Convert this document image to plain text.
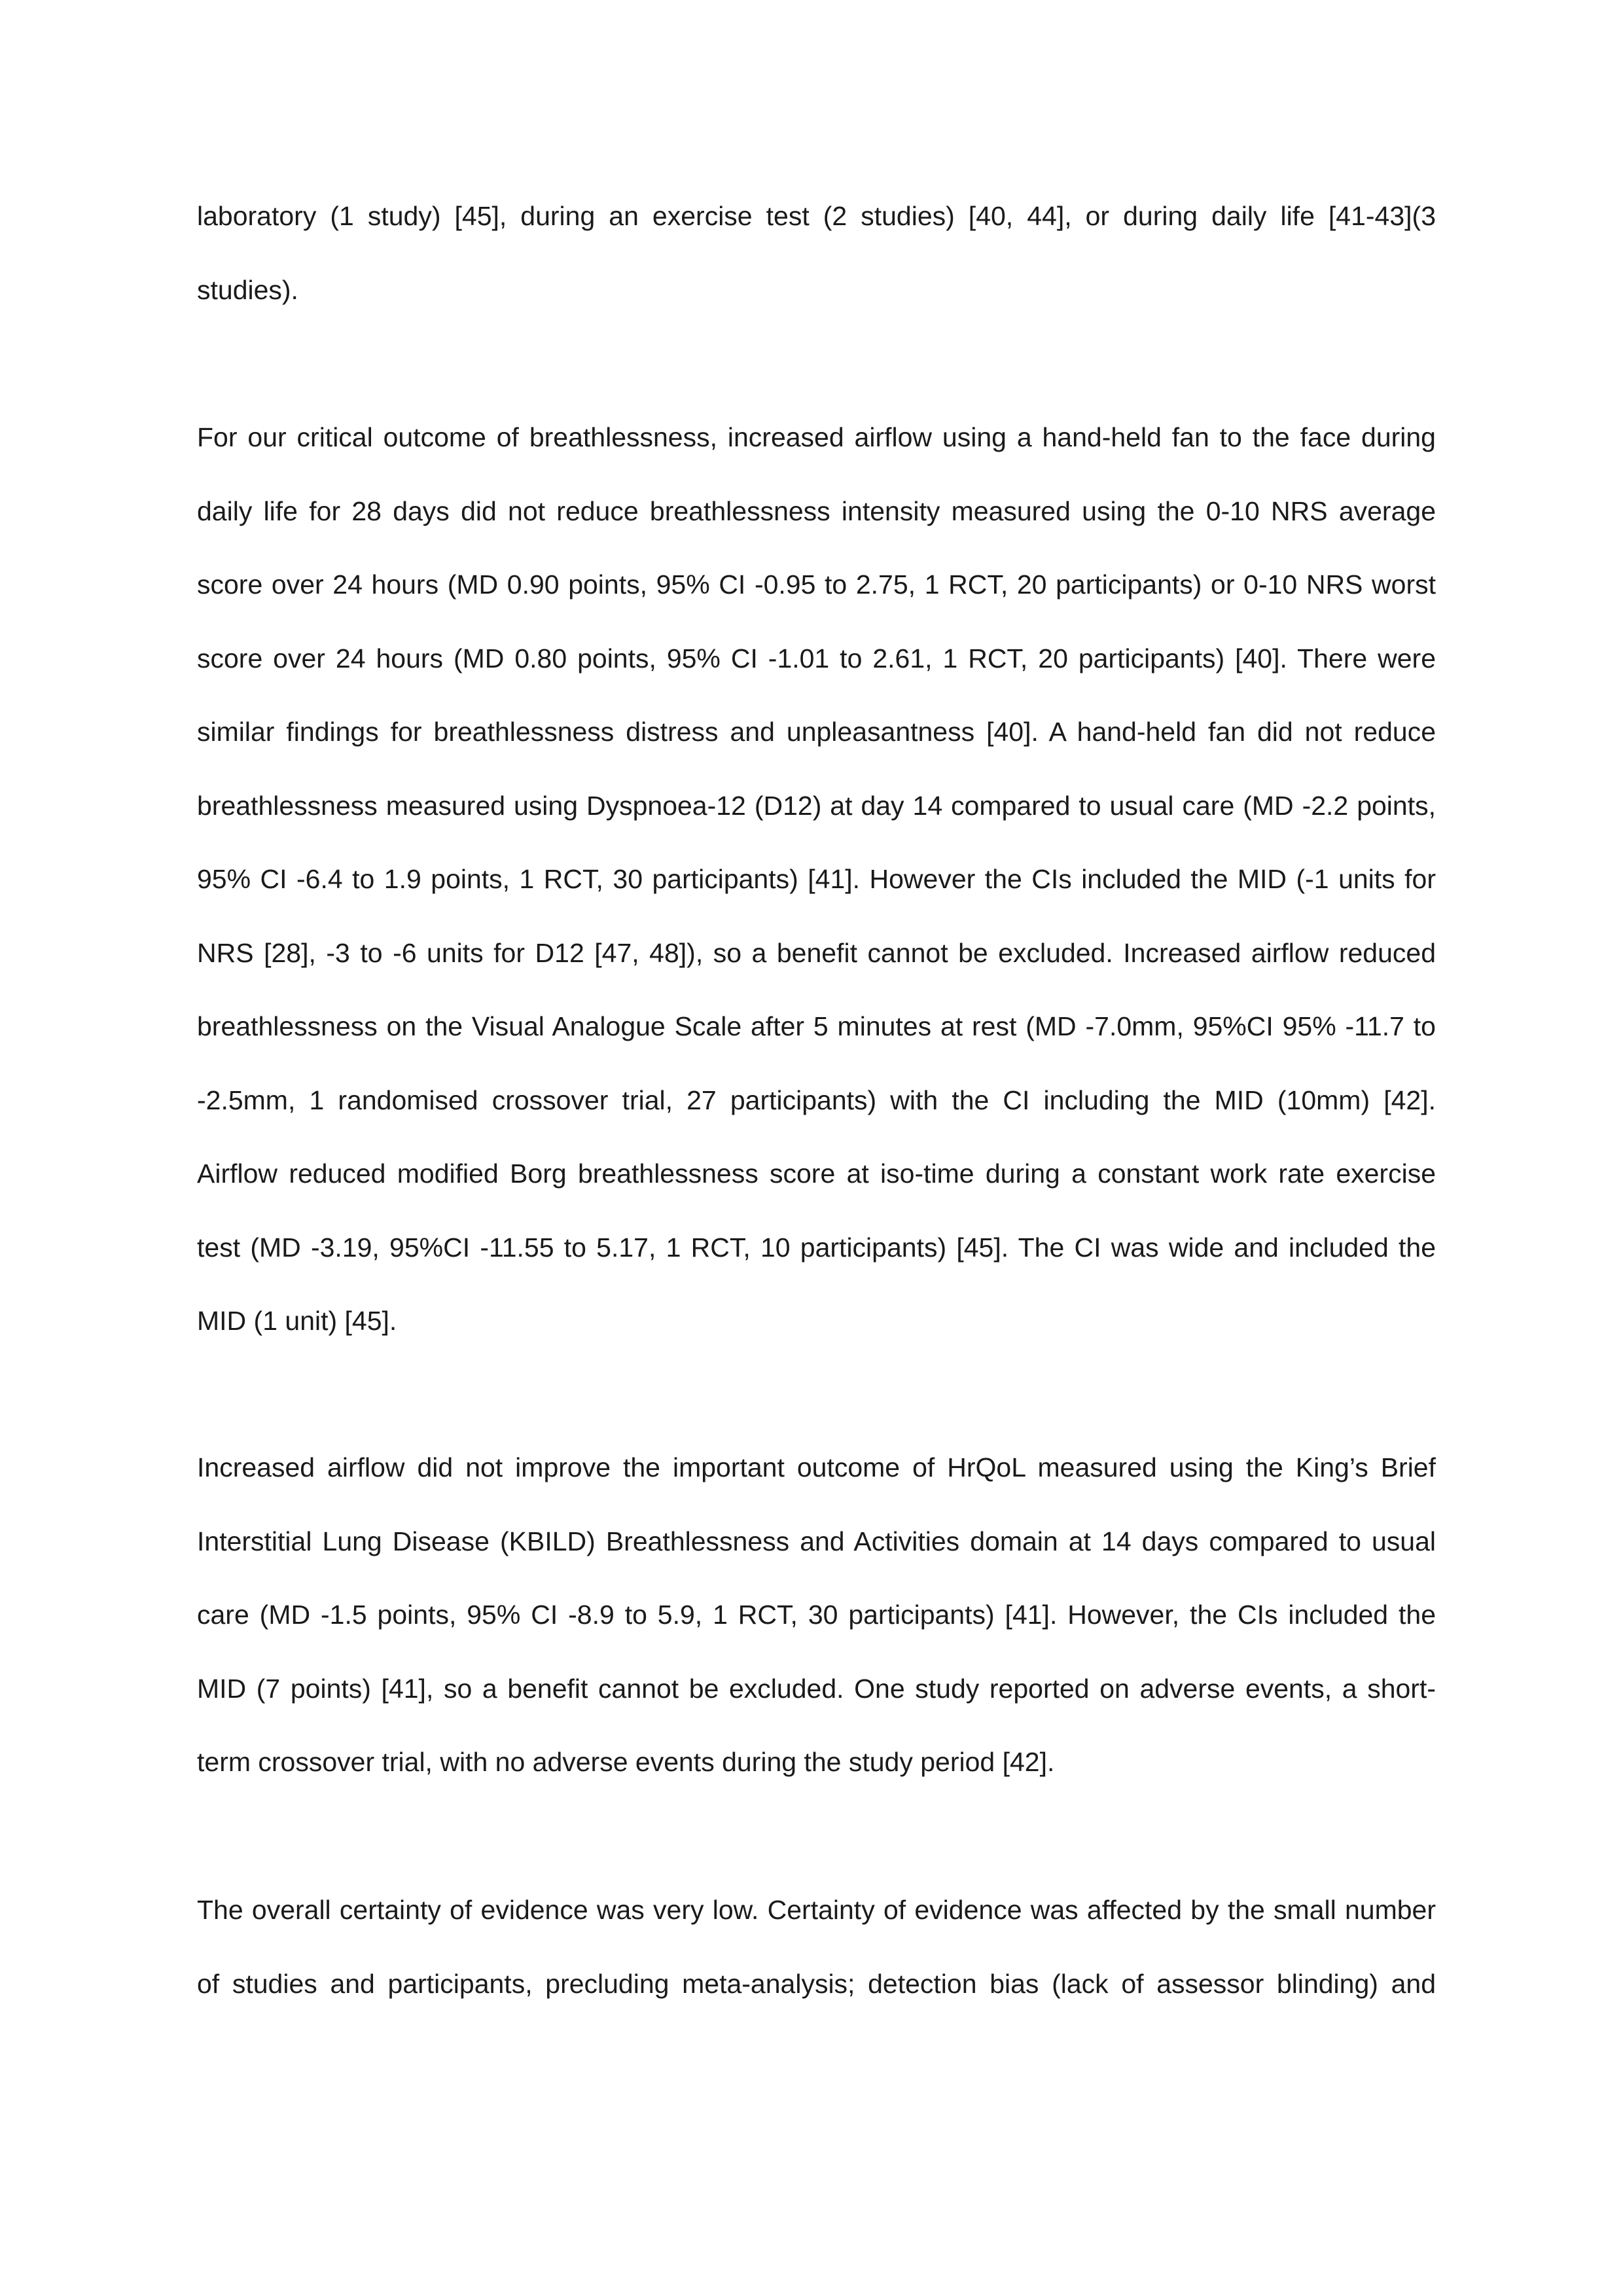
laboratory (1 study) [45], during an exercise test (2 studies) [40, 44], or during daily life [41-43](3
studies).
For our critical outcome of breathlessness, increased airflow using a hand-held fan to the face during
daily life for 28 days did not reduce breathlessness intensity measured using the 0-10 NRS average
score over 24 hours (MD 0.90 points, 95% CI -0.95 to 2.75, 1 RCT, 20 participants) or 0-10 NRS worst
score over 24 hours (MD 0.80 points, 95% CI -1.01 to 2.61, 1 RCT, 20 participants) [40]. There were
similar findings for breathlessness distress and unpleasantness [40]. A hand-held fan did not reduce
breathlessness measured using Dyspnoea-12 (D12) at day 14 compared to usual care (MD -2.2 points,
95% CI -6.4 to 1.9 points, 1 RCT, 30 participants) [41]. However the CIs included the MID (-1 units for
NRS [28], -3 to -6 units for D12 [47, 48]), so a benefit cannot be excluded. Increased airflow reduced
breathlessness on the Visual Analogue Scale after 5 minutes at rest (MD -7.0mm, 95%CI 95% -11.7 to
-2.5mm, 1 randomised crossover trial, 27 participants) with the CI including the MID (10mm) [42].
Airflow reduced modified Borg breathlessness score at iso-time during a constant work rate exercise
test (MD -3.19, 95%CI -11.55 to 5.17, 1 RCT, 10 participants) [45]. The CI was wide and included the
MID (1 unit) [45].
Increased airflow did not improve the important outcome of HrQoL measured using the King’s Brief
Interstitial Lung Disease (KBILD) Breathlessness and Activities domain at 14 days compared to usual
care (MD -1.5 points, 95% CI -8.9 to 5.9, 1 RCT, 30 participants) [41]. However, the CIs included the
MID (7 points) [41], so a benefit cannot be excluded. One study reported on adverse events, a short-
term crossover trial, with no adverse events during the study period [42].
The overall certainty of evidence was very low. Certainty of evidence was affected by the small number
of studies and participants, precluding meta-analysis; detection bias (lack of assessor blinding) and
